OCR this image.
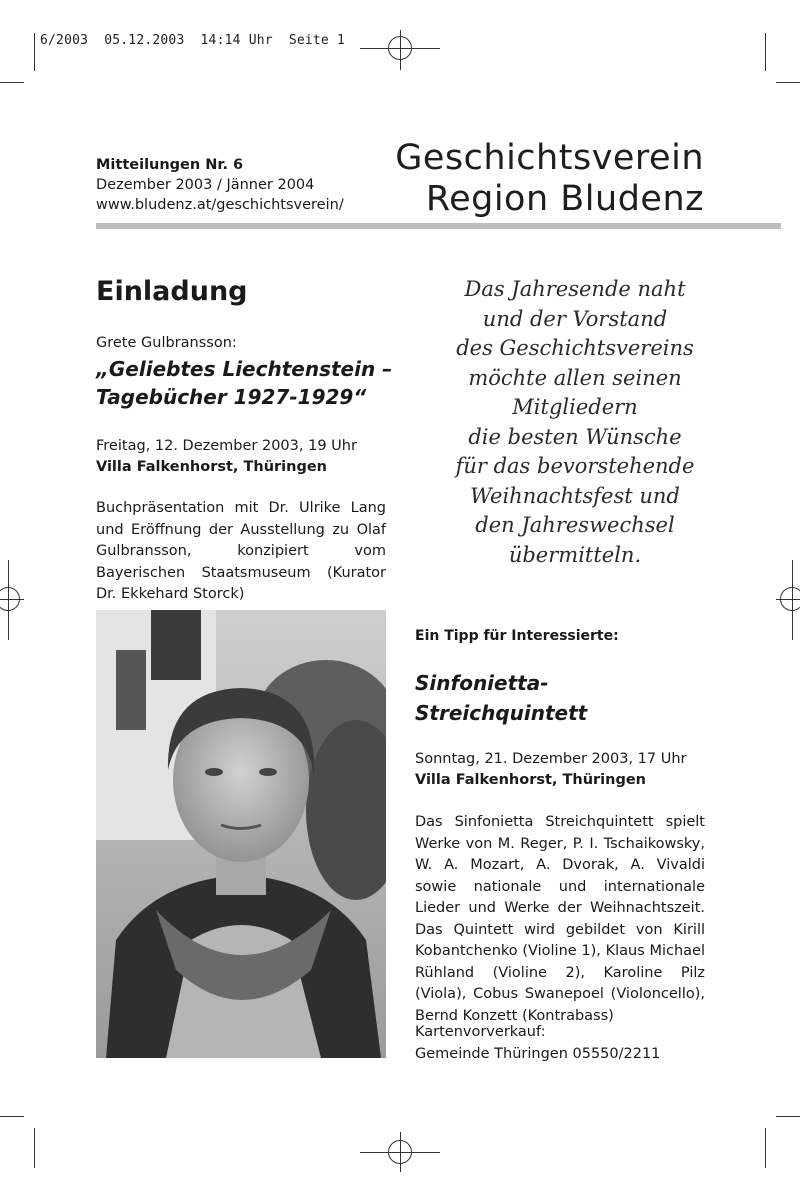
6/2003  05.12.2003  14:14 Uhr  Seite 1
Mitteilungen Nr. 6
Dezember 2003 / Jänner 2004
www.bludenz.at/geschichtsverein/
Geschichtsverein
Region Bludenz
Einladung
Grete Gulbransson:
„Geliebtes Liechtenstein – Tagebücher 1927-1929“
Freitag, 12. Dezember 2003, 19 Uhr
Villa Falkenhorst, Thüringen
Buchpräsentation mit Dr. Ulrike Lang und Eröffnung der Ausstellung zu Olaf Gulbransson, konzipiert vom Bayerischen Staatsmuseum (Kurator Dr. Ekkehard Storck)
Das Jahresende naht
und der Vorstand
des Geschichtsvereins
möchte allen seinen
Mitgliedern
die besten Wünsche
für das bevorstehende
Weihnachtsfest und
den Jahreswechsel
übermitteln.
Ein Tipp für Interessierte:
Sinfonietta-
Streichquintett
Sonntag, 21. Dezember 2003, 17 Uhr
Villa Falkenhorst, Thüringen
Das Sinfonietta Streichquintett spielt Werke von M. Reger, P. I. Tschaikowsky, W. A. Mozart, A. Dvorak, A. Vivaldi sowie nationale und internationale Lieder und Werke der Weihnachtszeit. Das Quintett wird gebildet von Kirill Kobantchenko (Violine 1), Klaus Michael Rühland (Violine 2), Karoline Pilz (Viola), Cobus Swanepoel (Violoncello), Bernd Konzett (Kontrabass)
Kartenvorverkauf:
Gemeinde Thüringen 05550/2211
